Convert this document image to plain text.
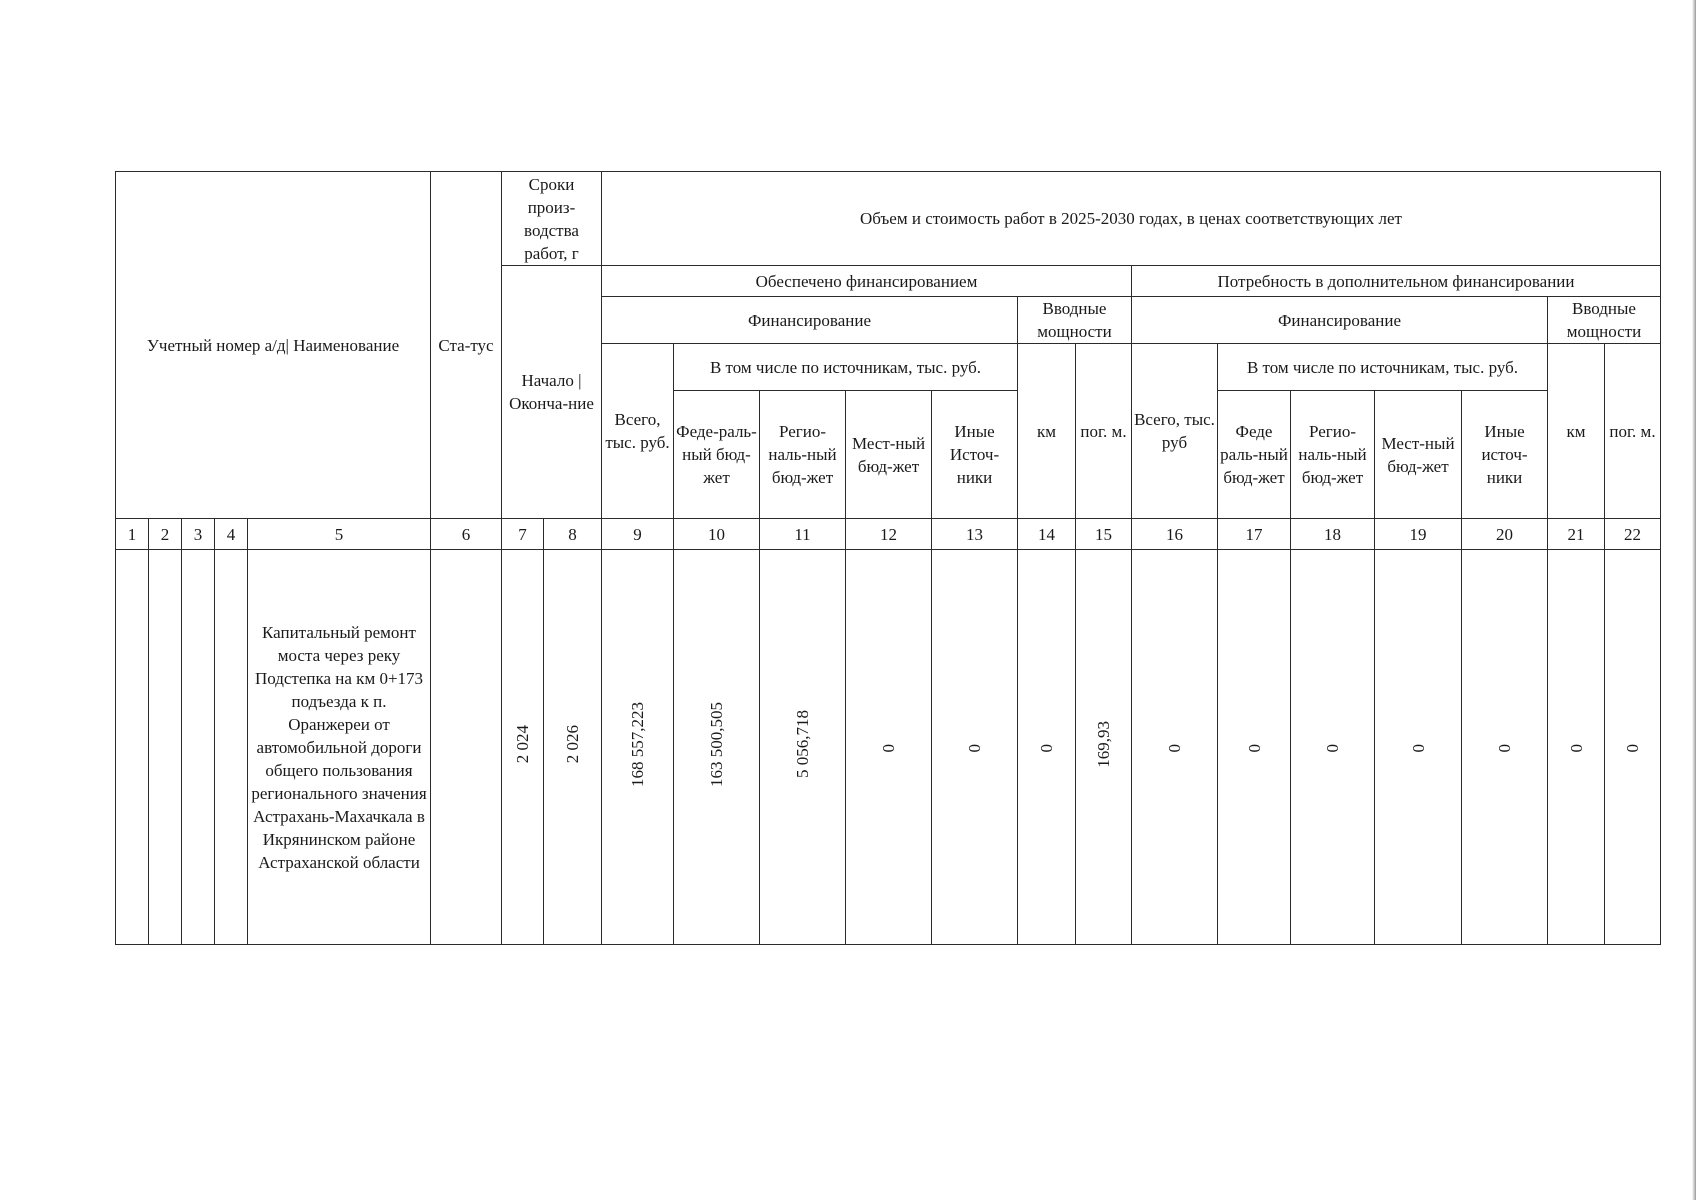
Учетный номер а/д| Наименование					Ста-тус	Сроки произ-водства работ, г		Объем и стоимость работ в 2025-2030 годах, в ценах соответствующих лет													
						Начало | Оконча-ние		Обеспечено финансированием							Потребность в дополнительном финансировании						
								Финансирование					Вводные мощности		Финансирование					Вводные мощности	
								Всего, тыс. руб.	В том числе по источникам, тыс. руб.				км	пог. м.	Всего, тыс. руб	В том числе по источникам, тыс. руб.				км	пог. м.
									Феде-раль-ный бюд-жет	Регио-наль-ный бюд-жет	Мест-ный бюд-жет	Иные Источ-ники				Феде раль-ный бюд-жет	Регио-наль-ный бюд-жет	Мест-ный бюд-жет	Иные источ-ники		
1	2	3	4	5	6	7	8	9	10	11	12	13	14	15	16	17	18	19	20	21	22
				Капитальный ремонт моста через реку Подстепка на км 0+173 подъезда к п. Оранжереи от автомобильной дороги общего пользования регионального значения Астрахань-Махачкала в Икрянинском районе Астраханской области		2 024	2 026	168 557,223	163 500,505	5 056,718	0	0	0	169,93	0	0	0	0	0	0	0
